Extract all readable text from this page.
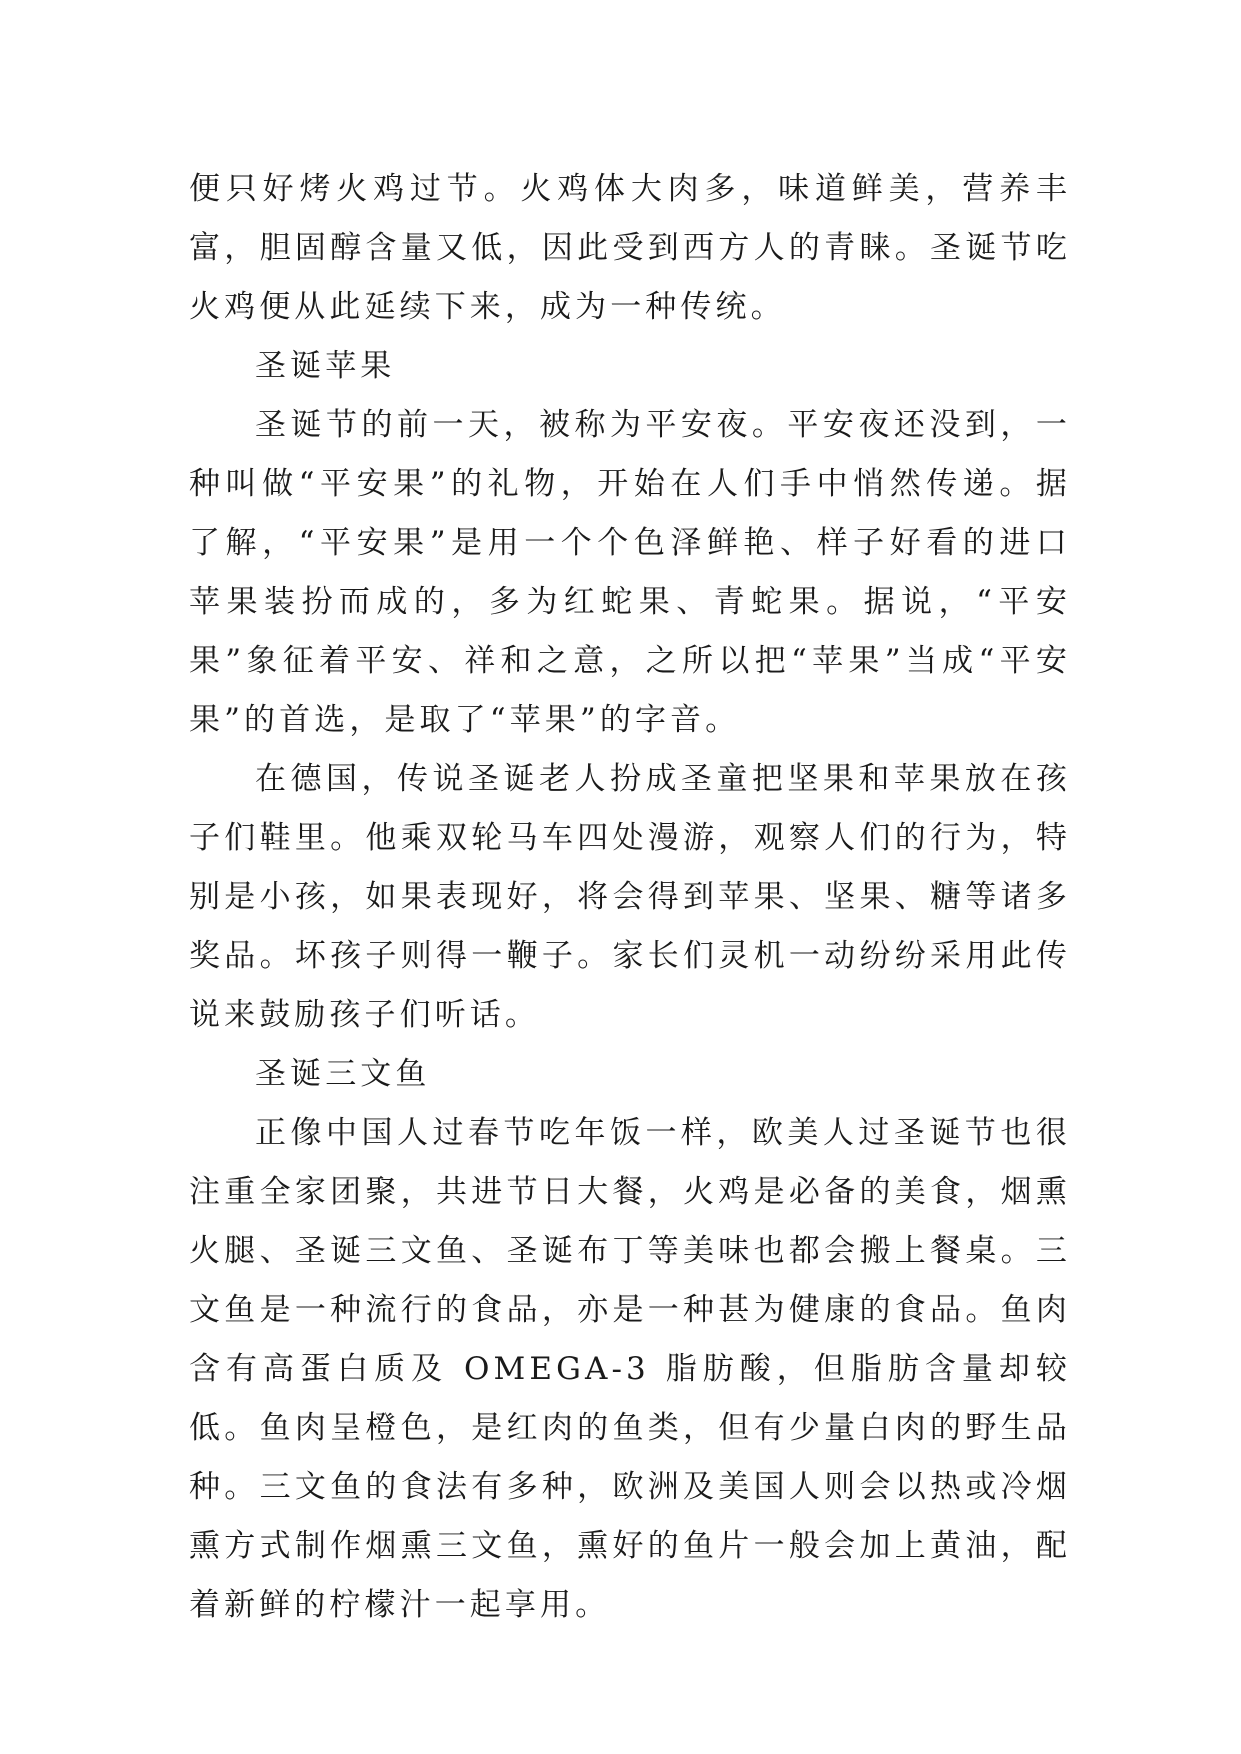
便只好烤火鸡过节。火鸡体大肉多，味道鲜美，营养丰富，胆固醇含量又低，因此受到西方人的青睐。圣诞节吃火鸡便从此延续下来，成为一种传统。

圣诞苹果

圣诞节的前一天，被称为平安夜。平安夜还没到，一种叫做“平安果”的礼物，开始在人们手中悄然传递。据了解，“平安果”是用一个个色泽鲜艳、样子好看的进口苹果装扮而成的，多为红蛇果、青蛇果。据说，“平安果”象征着平安、祥和之意，之所以把“苹果”当成“平安果”的首选，是取了“苹果”的字音。

在德国，传说圣诞老人扮成圣童把坚果和苹果放在孩子们鞋里。他乘双轮马车四处漫游，观察人们的行为，特别是小孩，如果表现好，将会得到苹果、坚果、糖等诸多奖品。坏孩子则得一鞭子。家长们灵机一动纷纷采用此传说来鼓励孩子们听话。

圣诞三文鱼

正像中国人过春节吃年饭一样，欧美人过圣诞节也很注重全家团聚，共进节日大餐，火鸡是必备的美食，烟熏火腿、圣诞三文鱼、圣诞布丁等美味也都会搬上餐桌。三文鱼是一种流行的食品，亦是一种甚为健康的食品。鱼肉含有高蛋白质及 OMEGA-3 脂肪酸，但脂肪含量却较低。鱼肉呈橙色，是红肉的鱼类，但有少量白肉的野生品种。三文鱼的食法有多种，欧洲及美国人则会以热或冷烟熏方式制作烟熏三文鱼，熏好的鱼片一般会加上黄油，配着新鲜的柠檬汁一起享用。
